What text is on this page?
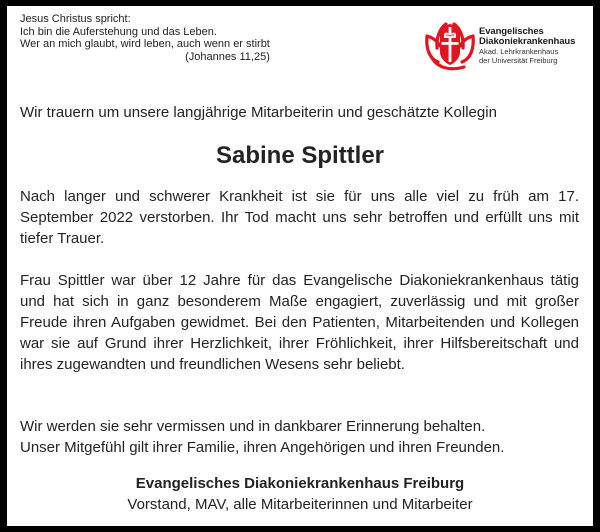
Jesus Christus spricht:
Ich bin die Auferstehung und das Leben.
Wer an mich glaubt, wird leben, auch wenn er stirbt
(Johannes 11,25)
Evangelisches
Diakoniekrankenhaus
Akad. Lehrkrankenhaus
der Universität Freiburg
Wir trauern um unsere langjährige Mitarbeiterin und geschätzte Kollegin
Sabine Spittler
Nach langer und schwerer Krankheit ist sie für uns alle viel zu früh am 17. September 2022 verstorben. Ihr Tod macht uns sehr betroffen und erfüllt uns mit tiefer Trauer.
Frau Spittler war über 12 Jahre für das Evangelische Diakoniekrankenhaus tätig und hat sich in ganz besonderem Maße engagiert, zuverlässig und mit großer Freude ihren Aufgaben gewidmet. Bei den Patienten, Mitarbeitenden und Kollegen war sie auf Grund ihrer Herzlichkeit, ihrer Fröhlichkeit, ihrer Hilfsbereitschaft und ihres zugewandten und freundlichen Wesens sehr beliebt.
Wir werden sie sehr vermissen und in dankbarer Erinnerung behalten.
Unser Mitgefühl gilt ihrer Familie, ihren Angehörigen und ihren Freunden.
Evangelisches Diakoniekrankenhaus Freiburg
Vorstand, MAV, alle Mitarbeiterinnen und Mitarbeiter
